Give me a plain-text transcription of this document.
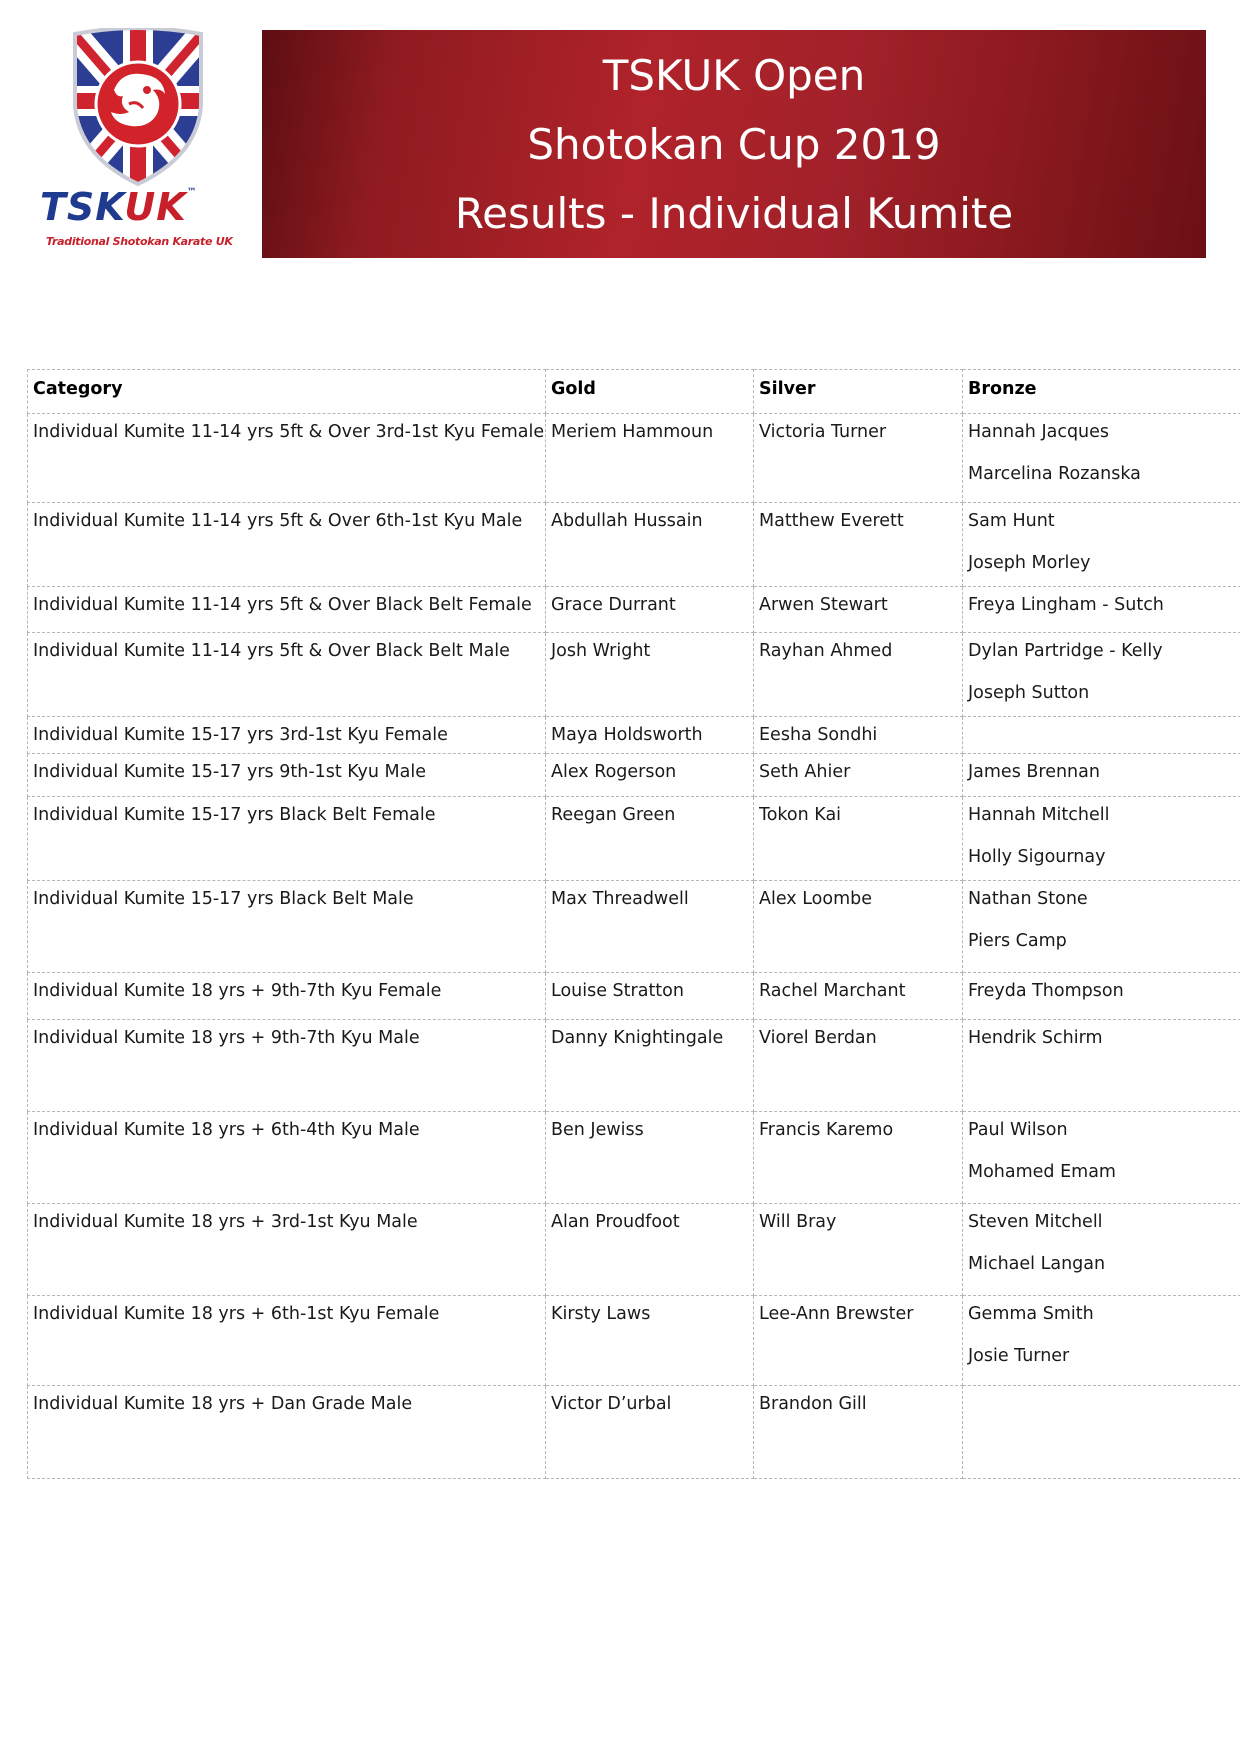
TSKUK™
Traditional Shotokan Karate UK
TSKUK Open
Shotokan Cup 2019
Results - Individual Kumite
Category	Gold	Silver	Bronze

Individual Kumite 11-14 yrs 5ft & Over 3rd-1st Kyu Female	Meriem Hammoun	Victoria Turner	Hannah Jacques
Marcelina Rozanska

Individual Kumite 11-14 yrs 5ft & Over 6th-1st Kyu Male	Abdullah Hussain	Matthew Everett	Sam Hunt
Joseph Morley

Individual Kumite 11-14 yrs 5ft & Over Black Belt Female	Grace Durrant	Arwen Stewart	Freya Lingham - Sutch

Individual Kumite 11-14 yrs 5ft & Over Black Belt Male	Josh Wright	Rayhan Ahmed	Dylan Partridge - Kelly
Joseph Sutton

Individual Kumite 15-17 yrs 3rd-1st Kyu Female	Maya Holdsworth	Eesha Sondhi	

Individual Kumite 15-17 yrs 9th-1st Kyu Male	Alex Rogerson	Seth Ahier	James Brennan

Individual Kumite 15-17 yrs Black Belt Female	Reegan Green	Tokon Kai	Hannah Mitchell
Holly Sigournay

Individual Kumite 15-17 yrs Black Belt Male	Max Threadwell	Alex Loombe	Nathan Stone
Piers Camp

Individual Kumite 18 yrs + 9th-7th Kyu Female	Louise Stratton	Rachel Marchant	Freyda Thompson

Individual Kumite 18 yrs + 9th-7th Kyu Male	Danny Knightingale	Viorel Berdan	Hendrik Schirm

Individual Kumite 18 yrs + 6th-4th Kyu Male	Ben Jewiss	Francis Karemo	Paul Wilson
Mohamed Emam

Individual Kumite 18 yrs + 3rd-1st Kyu Male	Alan Proudfoot	Will Bray	Steven Mitchell
Michael Langan

Individual Kumite 18 yrs + 6th-1st Kyu Female	Kirsty Laws	Lee-Ann Brewster	Gemma Smith
Josie Turner

Individual Kumite 18 yrs + Dan Grade Male	Victor D’urbal	Brandon Gill	
